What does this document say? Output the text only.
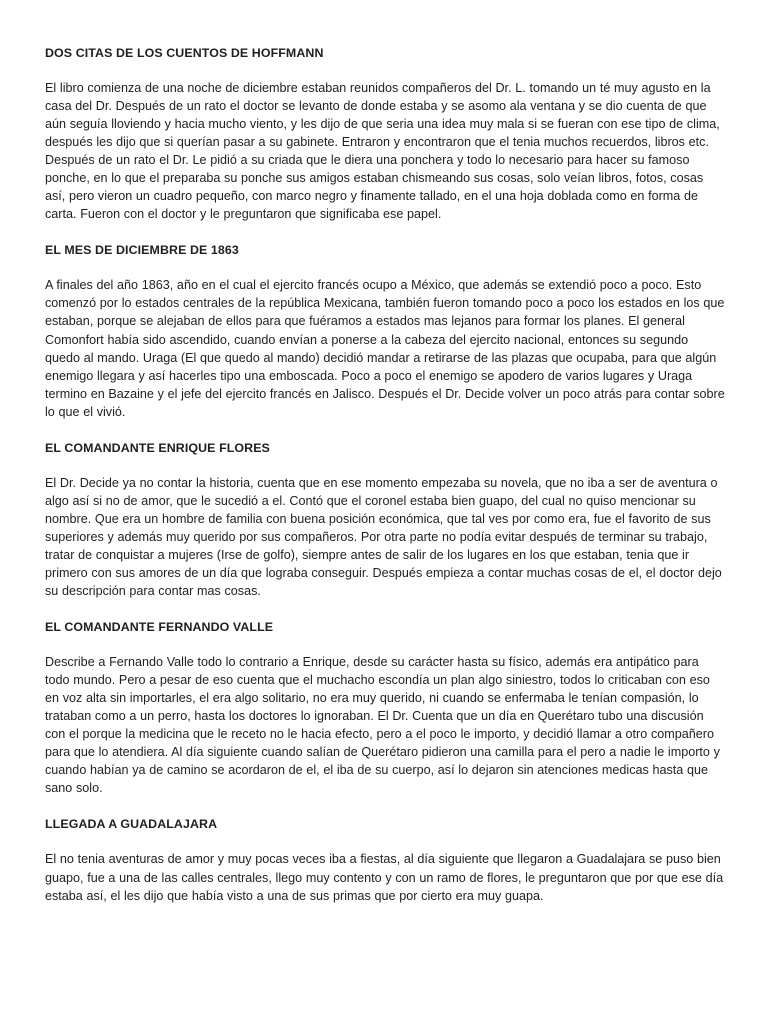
DOS CITAS DE LOS CUENTOS DE HOFFMANN
El libro comienza de una noche de diciembre estaban reunidos compañeros del Dr. L. tomando un té muy agusto en la casa del Dr. Después de un rato el doctor se levanto de donde estaba y se asomo ala ventana y se dio cuenta de que aún seguía lloviendo y hacia mucho viento, y les dijo de que seria una idea muy mala si se fueran con ese tipo de clima, después les dijo que si querían pasar a su gabinete. Entraron y encontraron que el tenia muchos recuerdos, libros etc. Después de un rato el Dr. Le pidió a su criada que le diera una ponchera y todo lo necesario para hacer su famoso ponche, en lo que el preparaba su ponche sus amigos estaban chismeando sus cosas, solo veían libros, fotos, cosas así, pero vieron un cuadro pequeño, con marco negro y finamente tallado, en el una hoja doblada como en forma de carta. Fueron con el doctor y le preguntaron que significaba ese papel.
EL MES DE DICIEMBRE DE 1863
A finales del año 1863, año en el cual el ejercito francés ocupo a México, que además se extendió poco a poco. Esto comenzó por lo estados centrales de la república Mexicana, también fueron tomando poco a poco los estados en los que estaban, porque se alejaban de ellos para que fuéramos a estados mas lejanos para formar los planes. El general Comonfort había sido ascendido, cuando envían a ponerse a la cabeza del ejercito nacional, entonces su segundo quedo al mando. Uraga (El que quedo al mando) decidió mandar a retirarse de las plazas que ocupaba, para que algún enemigo llegara y así hacerles tipo una emboscada. Poco a poco el enemigo se apodero de varios lugares y Uraga termino en Bazaine y el jefe del ejercito francés en Jalisco. Después el Dr. Decide volver un poco atrás para contar sobre lo que el vivió.
EL COMANDANTE ENRIQUE FLORES
El Dr. Decide ya no contar la historia, cuenta que en ese momento empezaba su novela, que no iba a ser de aventura o algo así si no de amor, que le sucedió a el. Contó que el coronel estaba bien guapo, del cual no quiso mencionar su nombre. Que era un hombre de familia con buena posición económica, que tal ves por como era, fue el favorito de sus superiores y además muy querido por sus compañeros. Por otra parte no podía evitar después de terminar su trabajo, tratar de conquistar a mujeres (Irse de golfo), siempre antes de salir de los lugares en los que estaban, tenia que ir primero con sus amores de un día que lograba conseguir. Después empieza a contar muchas cosas de el, el doctor dejo su descripción para contar mas cosas.
EL COMANDANTE FERNANDO VALLE
Describe a Fernando Valle todo lo contrario a Enrique, desde su carácter hasta su físico, además era antipático para todo mundo. Pero a pesar de eso cuenta que el muchacho escondía un plan algo siniestro, todos lo criticaban con eso en voz alta sin importarles, el era algo solitario, no era muy querido, ni cuando se enfermaba le tenían compasión, lo trataban como a un perro, hasta los doctores lo ignoraban. El Dr. Cuenta que un día en Querétaro tubo una discusión con el porque la medicina que le receto no le hacia efecto, pero a el poco le importo, y decidió llamar a otro compañero para que lo atendiera. Al día siguiente cuando salían de Querétaro pidieron una camilla para el pero a nadie le importo y cuando habían ya de camino se acordaron de el, el iba de su cuerpo, así lo dejaron sin atenciones medicas hasta que sano solo.
LLEGADA A GUADALAJARA
El no tenia aventuras de amor y muy pocas veces iba a fiestas, al día siguiente que llegaron a Guadalajara se puso bien guapo, fue a una de las calles centrales, llego muy contento y con un ramo de flores, le preguntaron que por que ese día estaba así, el les dijo que había visto a una de sus primas que por cierto era muy guapa.
